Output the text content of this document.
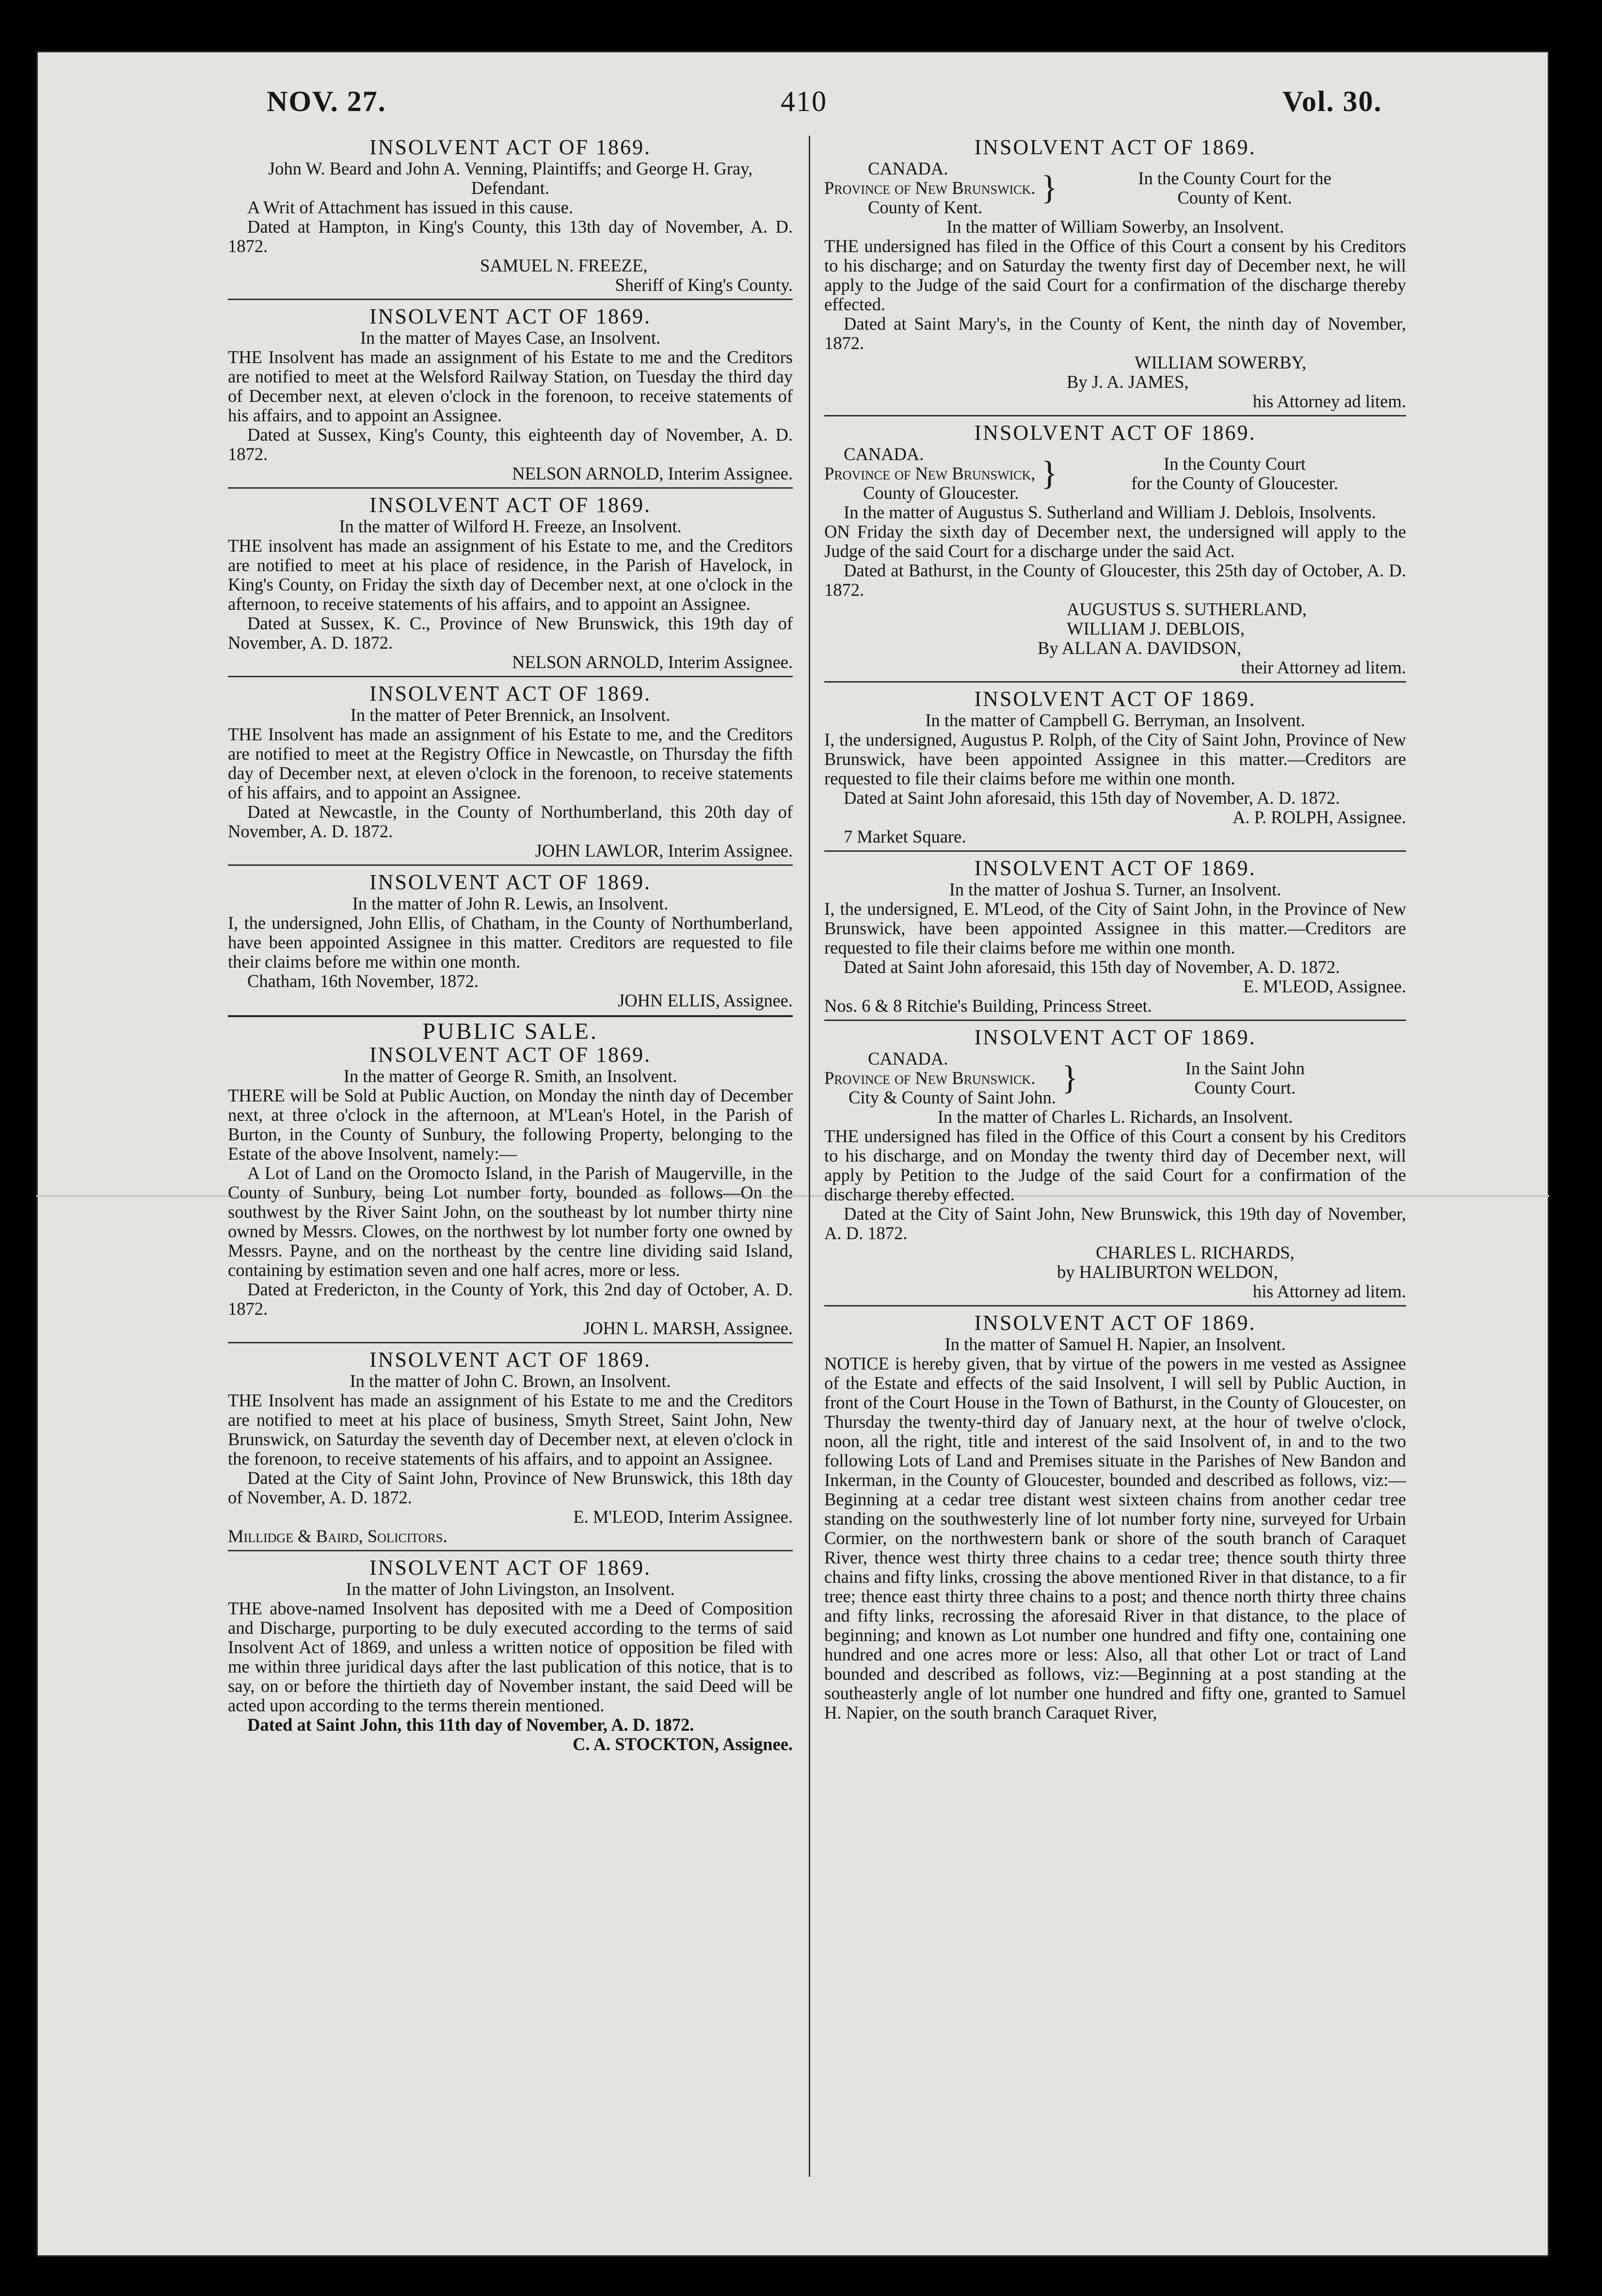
NOV. 27.	410	Vol. 30.
INSOLVENT ACT OF 1869.

John W. Beard and John A. Venning, Plaintiffs; and George H. Gray, Defendant.

A Writ of Attachment has issued in this cause.

Dated at Hampton, in King's County, this 13th day of November, A. D. 1872.

SAMUEL N. FREEZE,

Sheriff of King's County.

INSOLVENT ACT OF 1869.

In the matter of Mayes Case, an Insolvent.

THE Insolvent has made an assignment of his Estate to me and the Creditors are notified to meet at the Welsford Railway Station, on Tuesday the third day of December next, at eleven o'clock in the forenoon, to receive statements of his affairs, and to appoint an Assignee.

Dated at Sussex, King's County, this eighteenth day of November, A. D. 1872.

NELSON ARNOLD, Interim Assignee.

INSOLVENT ACT OF 1869.

In the matter of Wilford H. Freeze, an Insolvent.

THE insolvent has made an assignment of his Estate to me, and the Creditors are notified to meet at his place of residence, in the Parish of Havelock, in King's County, on Friday the sixth day of December next, at one o'clock in the afternoon, to receive statements of his affairs, and to appoint an Assignee.

Dated at Sussex, K. C., Province of New Brunswick, this 19th day of November, A. D. 1872.

NELSON ARNOLD, Interim Assignee.

INSOLVENT ACT OF 1869.

In the matter of Peter Brennick, an Insolvent.

THE Insolvent has made an assignment of his Estate to me, and the Creditors are notified to meet at the Registry Office in Newcastle, on Thursday the fifth day of December next, at eleven o'clock in the forenoon, to receive statements of his affairs, and to appoint an Assignee.

Dated at Newcastle, in the County of Northumberland, this 20th day of November, A. D. 1872.

JOHN LAWLOR, Interim Assignee.

INSOLVENT ACT OF 1869.

In the matter of John R. Lewis, an Insolvent.

I, the undersigned, John Ellis, of Chatham, in the County of Northumberland, have been appointed Assignee in this matter. Creditors are requested to file their claims before me within one month.

Chatham, 16th November, 1872.

JOHN ELLIS, Assignee.

PUBLIC SALE.
INSOLVENT ACT OF 1869.

In the matter of George R. Smith, an Insolvent.

THERE will be Sold at Public Auction, on Monday the ninth day of December next, at three o'clock in the afternoon, at M'Lean's Hotel, in the Parish of Burton, in the County of Sunbury, the following Property, belonging to the Estate of the above Insolvent, namely:—

A Lot of Land on the Oromocto Island, in the Parish of Maugerville, in the County of Sunbury, being Lot number forty, bounded as follows—On the southwest by the River Saint John, on the southeast by lot number thirty nine owned by Messrs. Clowes, on the northwest by lot number forty one owned by Messrs. Payne, and on the northeast by the centre line dividing said Island, containing by estimation seven and one half acres, more or less.

Dated at Fredericton, in the County of York, this 2nd day of October, A. D. 1872.

JOHN L. MARSH, Assignee.

INSOLVENT ACT OF 1869.

In the matter of John C. Brown, an Insolvent.

THE Insolvent has made an assignment of his Estate to me and the Creditors are notified to meet at his place of business, Smyth Street, Saint John, New Brunswick, on Saturday the seventh day of December next, at eleven o'clock in the forenoon, to receive statements of his affairs, and to appoint an Assignee.

Dated at the City of Saint John, Province of New Brunswick, this 18th day of November, A. D. 1872.

E. M'LEOD, Interim Assignee.

Millidge & Baird, Solicitors.

INSOLVENT ACT OF 1869.

In the matter of John Livingston, an Insolvent.

THE above-named Insolvent has deposited with me a Deed of Composition and Discharge, purporting to be duly executed according to the terms of said Insolvent Act of 1869, and unless a written notice of opposition be filed with me within three juridical days after the last publication of this notice, that is to say, on or before the thirtieth day of November instant, the said Deed will be acted upon according to the terms therein mentioned.

Dated at Saint John, this 11th day of November, A. D. 1872.

C. A. STOCKTON, Assignee.

INSOLVENT ACT OF 1869.
CANADA.
Province of New Brunswick.
County of Kent.
}	In the County Court for the
County of Kent.

In the matter of William Sowerby, an Insolvent.

THE undersigned has filed in the Office of this Court a consent by his Creditors to his discharge; and on Saturday the twenty first day of December next, he will apply to the Judge of the said Court for a confirmation of the discharge thereby effected.

Dated at Saint Mary's, in the County of Kent, the ninth day of November, 1872.

WILLIAM SOWERBY,

By J. A. JAMES,

his Attorney ad litem.

INSOLVENT ACT OF 1869.
CANADA.
Province of New Brunswick,
County of Gloucester.
}	In the County Court
for the County of Gloucester.

In the matter of Augustus S. Sutherland and William J. Deblois, Insolvents.

ON Friday the sixth day of December next, the undersigned will apply to the Judge of the said Court for a discharge under the said Act.

Dated at Bathurst, in the County of Gloucester, this 25th day of October, A. D. 1872.

AUGUSTUS S. SUTHERLAND,

WILLIAM J. DEBLOIS,

By ALLAN A. DAVIDSON,

their Attorney ad litem.

INSOLVENT ACT OF 1869.

In the matter of Campbell G. Berryman, an Insolvent.

I, the undersigned, Augustus P. Rolph, of the City of Saint John, Province of New Brunswick, have been appointed Assignee in this matter.—Creditors are requested to file their claims before me within one month.

Dated at Saint John aforesaid, this 15th day of November, A. D. 1872.

A. P. ROLPH, Assignee.

7 Market Square.

INSOLVENT ACT OF 1869.

In the matter of Joshua S. Turner, an Insolvent.

I, the undersigned, E. M'Leod, of the City of Saint John, in the Province of New Brunswick, have been appointed Assignee in this matter.—Creditors are requested to file their claims before me within one month.

Dated at Saint John aforesaid, this 15th day of November, A. D. 1872.

E. M'LEOD, Assignee.

Nos. 6 & 8 Ritchie's Building, Princess Street.

INSOLVENT ACT OF 1869.
CANADA.
Province of New Brunswick.
City & County of Saint John.
}	In the Saint John
County Court.

In the matter of Charles L. Richards, an Insolvent.

THE undersigned has filed in the Office of this Court a consent by his Creditors to his discharge, and on Monday the twenty third day of December next, will apply by Petition to the Judge of the said Court for a confirmation of the discharge thereby effected.

Dated at the City of Saint John, New Brunswick, this 19th day of November, A. D. 1872.

CHARLES L. RICHARDS,

by HALIBURTON WELDON,

his Attorney ad litem.

INSOLVENT ACT OF 1869.

In the matter of Samuel H. Napier, an Insolvent.

NOTICE is hereby given, that by virtue of the powers in me vested as Assignee of the Estate and effects of the said Insolvent, I will sell by Public Auction, in front of the Court House in the Town of Bathurst, in the County of Gloucester, on Thursday the twenty-third day of January next, at the hour of twelve o'clock, noon, all the right, title and interest of the said Insolvent of, in and to the two following Lots of Land and Premises situate in the Parishes of New Bandon and Inkerman, in the County of Gloucester, bounded and described as follows, viz:—Beginning at a cedar tree distant west sixteen chains from another cedar tree standing on the southwesterly line of lot number forty nine, surveyed for Urbain Cormier, on the northwestern bank or shore of the south branch of Caraquet River, thence west thirty three chains to a cedar tree; thence south thirty three chains and fifty links, crossing the above mentioned River in that distance, to a fir tree; thence east thirty three chains to a post; and thence north thirty three chains and fifty links, recrossing the aforesaid River in that distance, to the place of beginning; and known as Lot number one hundred and fifty one, containing one hundred and one acres more or less: Also, all that other Lot or tract of Land bounded and described as follows, viz:—Beginning at a post standing at the southeasterly angle of lot number one hundred and fifty one, granted to Samuel H. Napier, on the south branch Caraquet River,
